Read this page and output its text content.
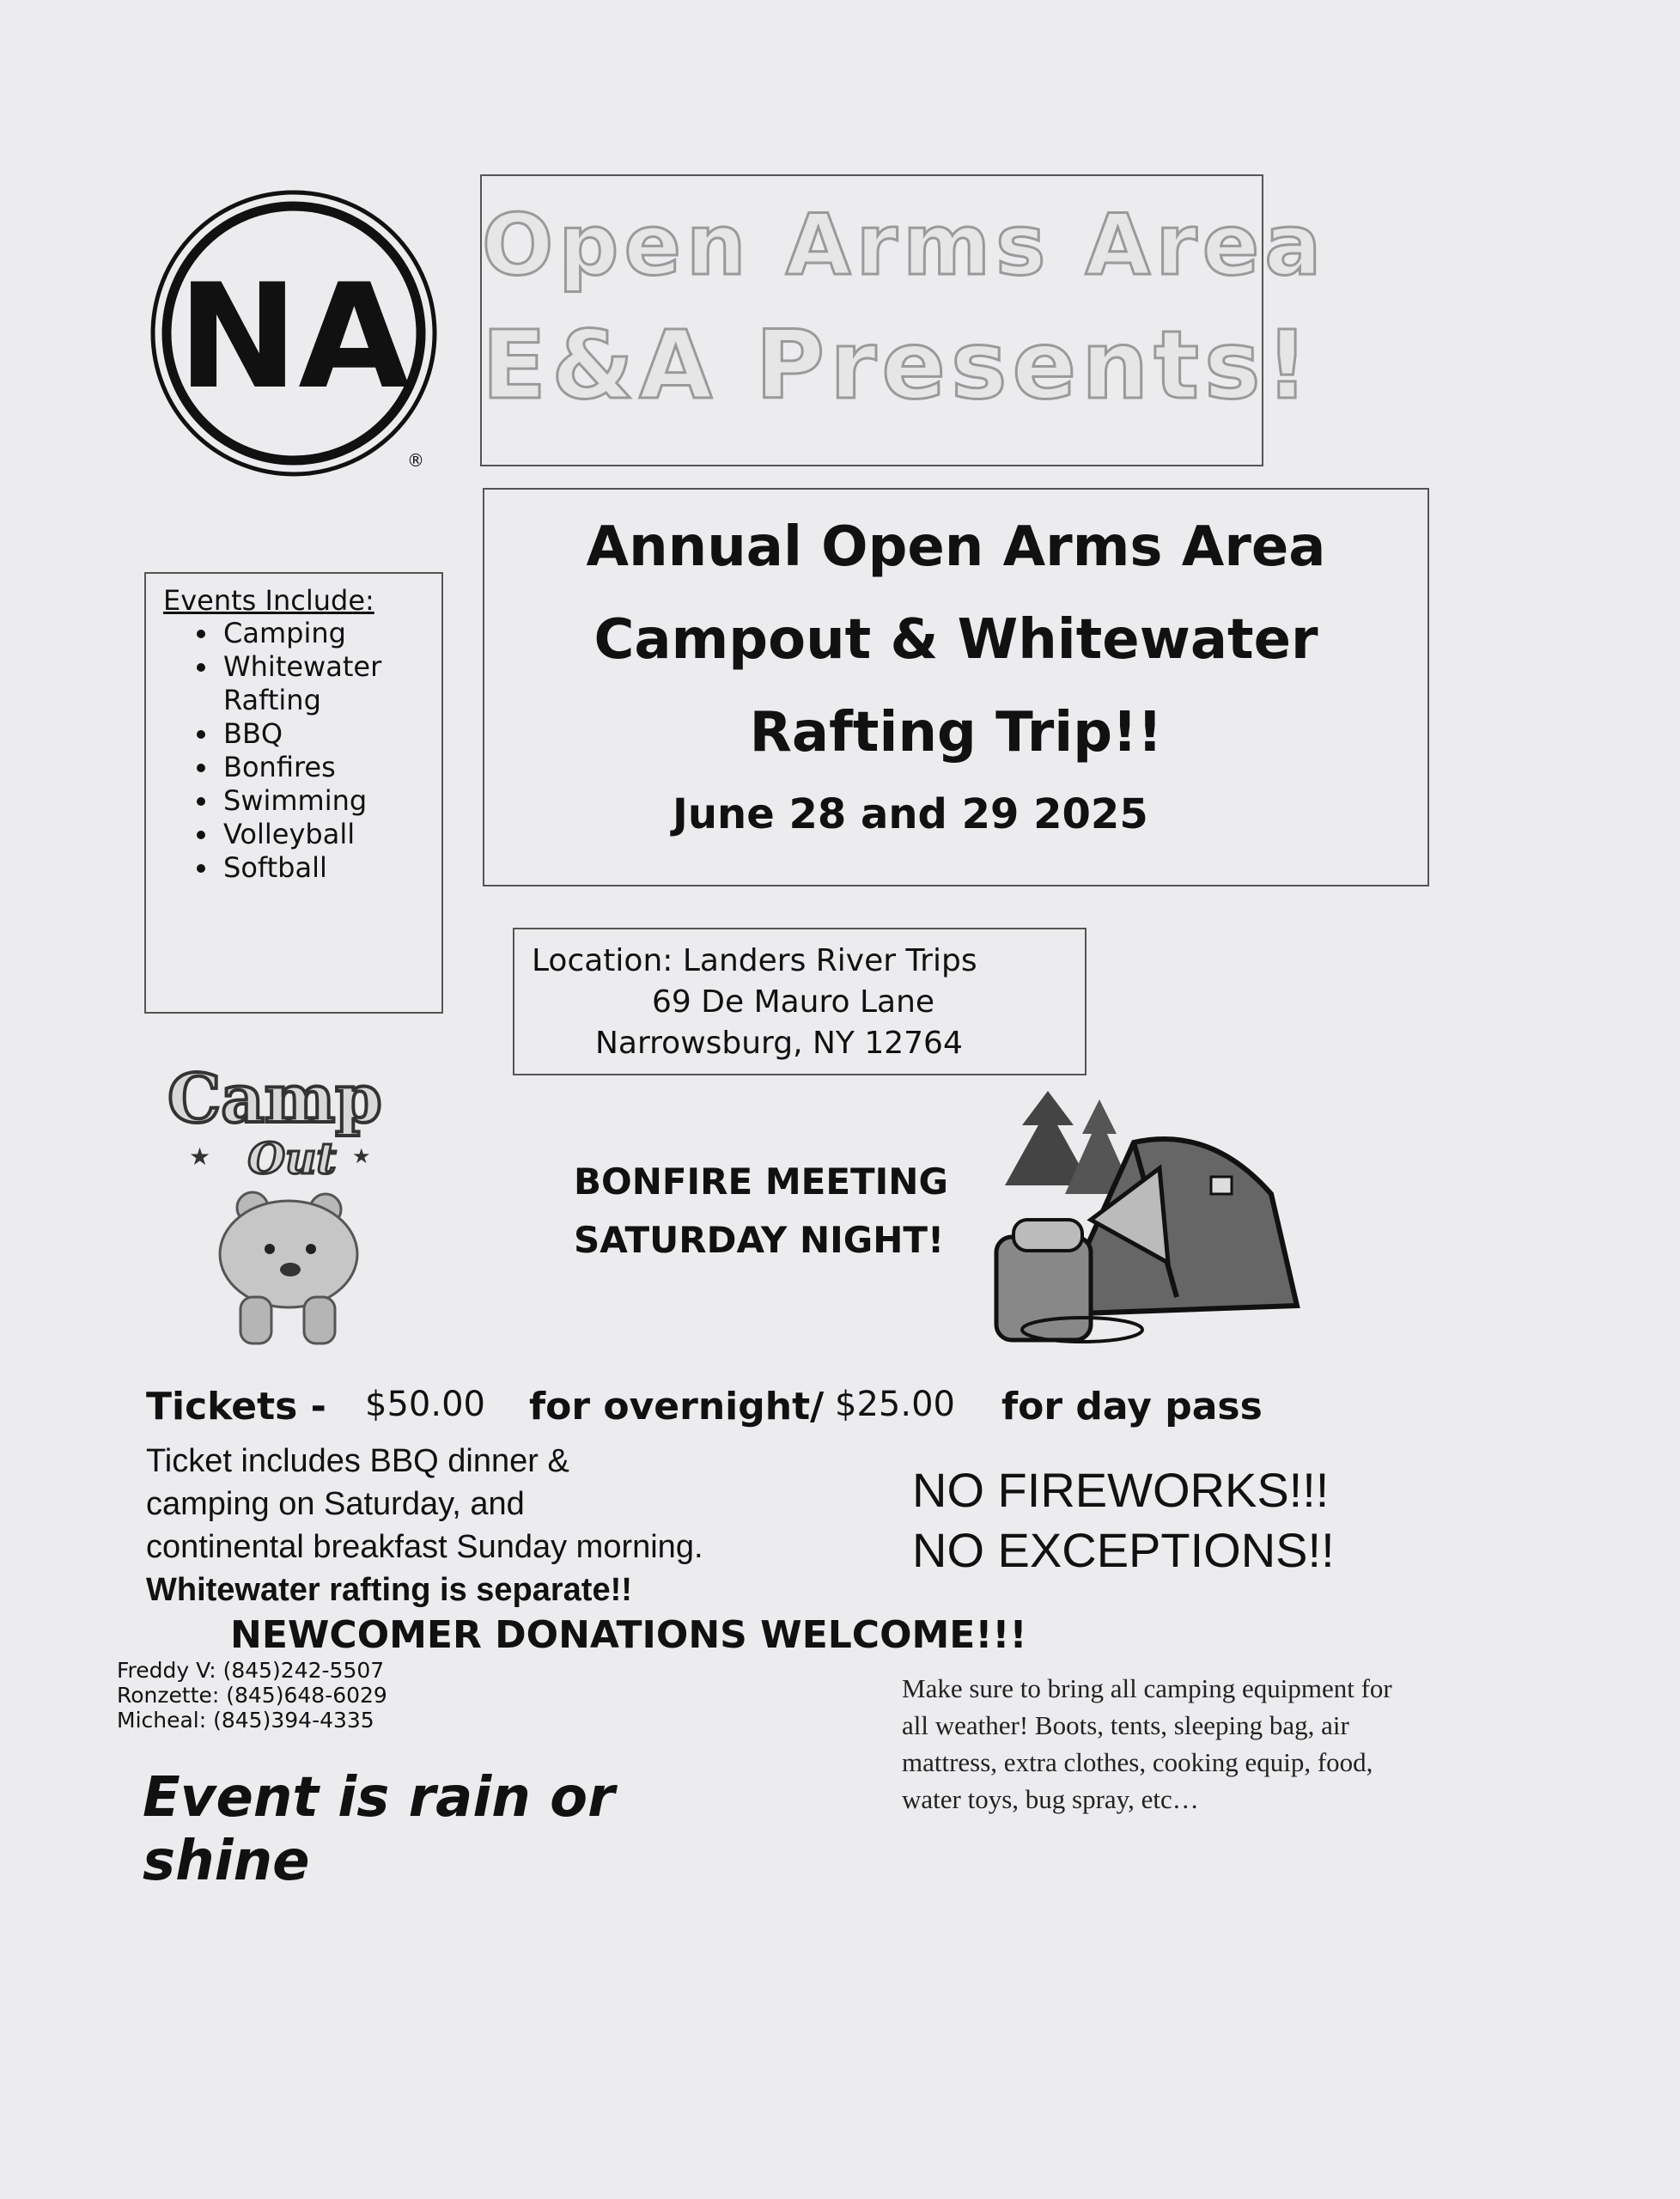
NA
®
Open Arms Area
E&A Presents!
Annual Open Arms Area
Campout & Whitewater
Rafting Trip!!
June 28 and 29 2025
Events Include:
• Camping
• Whitewater Rafting
• BBQ
• Bonfires
• Swimming
• Volleyball
• Softball
Location: Landers River Trips
69 De Mauro Lane
Narrowsburg, NY 12764
Camp
Out
★	★
BONFIRE MEETING
SATURDAY NIGHT!
Tickets - $50.00 for overnight/ $25.00 for day pass
Ticket includes BBQ dinner &
camping on Saturday, and
continental breakfast Sunday morning.
Whitewater rafting is separate!!
NO FIREWORKS!!!
NO EXCEPTIONS!!
NEWCOMER DONATIONS WELCOME!!!
Freddy V: (845)242-5507
Ronzette: (845)648-6029
Micheal: (845)394-4335
Event is rain or shine
Make sure to bring all camping equipment for all weather! Boots, tents, sleeping bag, air mattress, extra clothes, cooking equip, food, water toys, bug spray, etc…
